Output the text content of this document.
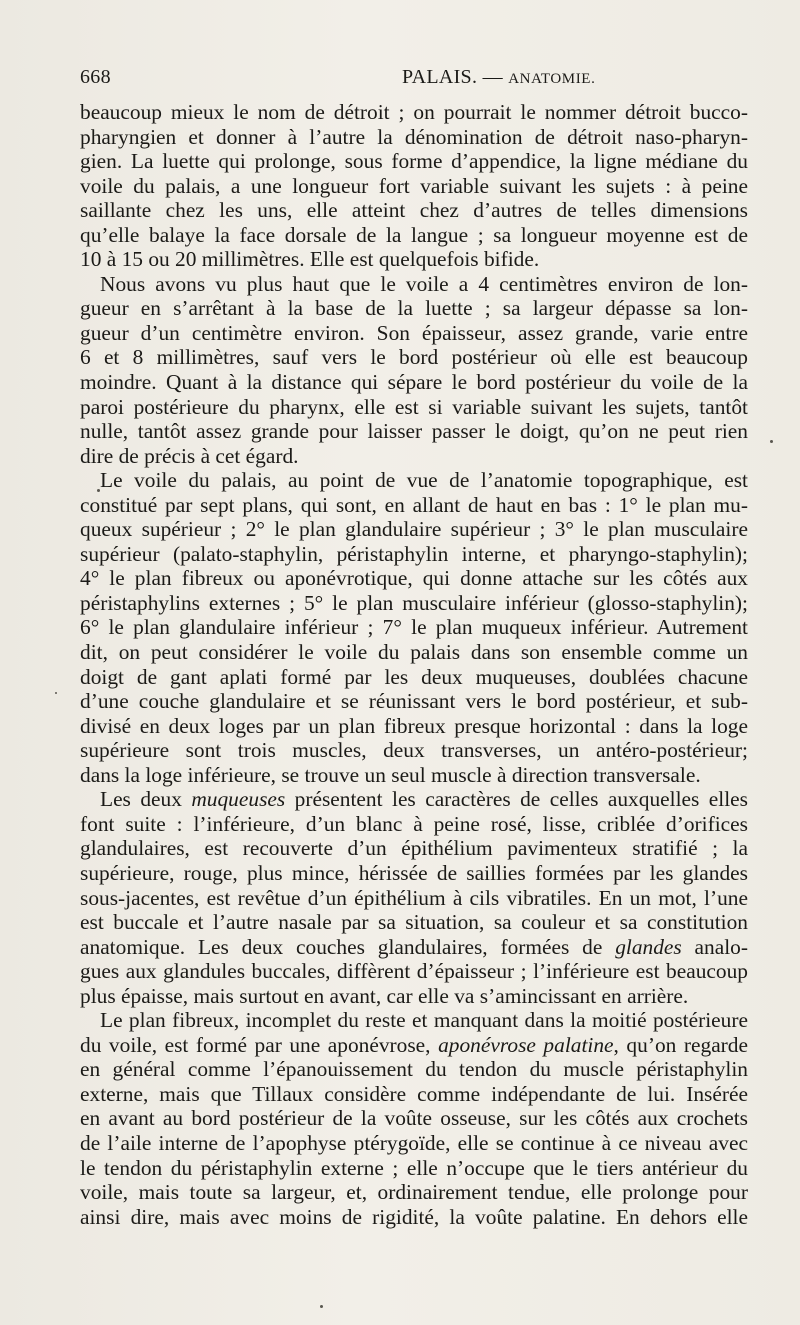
668	PALAIS. — ANATOMIE.
beaucoup mieux le nom de détroit ; on pourrait le nommer détroit bucco-
pharyngien et donner à l’autre la dénomination de détroit naso-pharyn-
gien. La luette qui prolonge, sous forme d’appendice, la ligne médiane du
voile du palais, a une longueur fort variable suivant les sujets : à peine
saillante chez les uns, elle atteint chez d’autres de telles dimensions
qu’elle balaye la face dorsale de la langue ; sa longueur moyenne est de
10 à 15 ou 20 millimètres. Elle est quelquefois bifide.
Nous avons vu plus haut que le voile a 4 centimètres environ de lon-
gueur en s’arrêtant à la base de la luette ; sa largeur dépasse sa lon-
gueur d’un centimètre environ. Son épaisseur, assez grande, varie entre
6 et 8 millimètres, sauf vers le bord postérieur où elle est beaucoup
moindre. Quant à la distance qui sépare le bord postérieur du voile de la
paroi postérieure du pharynx, elle est si variable suivant les sujets, tantôt
nulle, tantôt assez grande pour laisser passer le doigt, qu’on ne peut rien
dire de précis à cet égard.
Le voile du palais, au point de vue de l’anatomie topographique, est
constitué par sept plans, qui sont, en allant de haut en bas : 1° le plan mu-
queux supérieur ; 2° le plan glandulaire supérieur ; 3° le plan musculaire
supérieur (palato-staphylin, péristaphylin interne, et pharyngo-staphylin);
4° le plan fibreux ou aponévrotique, qui donne attache sur les côtés aux
péristaphylins externes ; 5° le plan musculaire inférieur (glosso-staphylin);
6° le plan glandulaire inférieur ; 7° le plan muqueux inférieur. Autrement
dit, on peut considérer le voile du palais dans son ensemble comme un
doigt de gant aplati formé par les deux muqueuses, doublées chacune
d’une couche glandulaire et se réunissant vers le bord postérieur, et sub-
divisé en deux loges par un plan fibreux presque horizontal : dans la loge
supérieure sont trois muscles, deux transverses, un antéro-postérieur;
dans la loge inférieure, se trouve un seul muscle à direction transversale.
Les deux muqueuses présentent les caractères de celles auxquelles elles
font suite : l’inférieure, d’un blanc à peine rosé, lisse, criblée d’orifices
glandulaires, est recouverte d’un épithélium pavimenteux stratifié ; la
supérieure, rouge, plus mince, hérissée de saillies formées par les glandes
sous-jacentes, est revêtue d’un épithélium à cils vibratiles. En un mot, l’une
est buccale et l’autre nasale par sa situation, sa couleur et sa constitution
anatomique. Les deux couches glandulaires, formées de glandes analo-
gues aux glandules buccales, diffèrent d’épaisseur ; l’inférieure est beaucoup
plus épaisse, mais surtout en avant, car elle va s’amincissant en arrière.
Le plan fibreux, incomplet du reste et manquant dans la moitié postérieure
du voile, est formé par une aponévrose, aponévrose palatine, qu’on regarde
en général comme l’épanouissement du tendon du muscle péristaphylin
externe, mais que Tillaux considère comme indépendante de lui. Insérée
en avant au bord postérieur de la voûte osseuse, sur les côtés aux crochets
de l’aile interne de l’apophyse ptérygoïde, elle se continue à ce niveau avec
le tendon du péristaphylin externe ; elle n’occupe que le tiers antérieur du
voile, mais toute sa largeur, et, ordinairement tendue, elle prolonge pour
ainsi dire, mais avec moins de rigidité, la voûte palatine. En dehors elle
